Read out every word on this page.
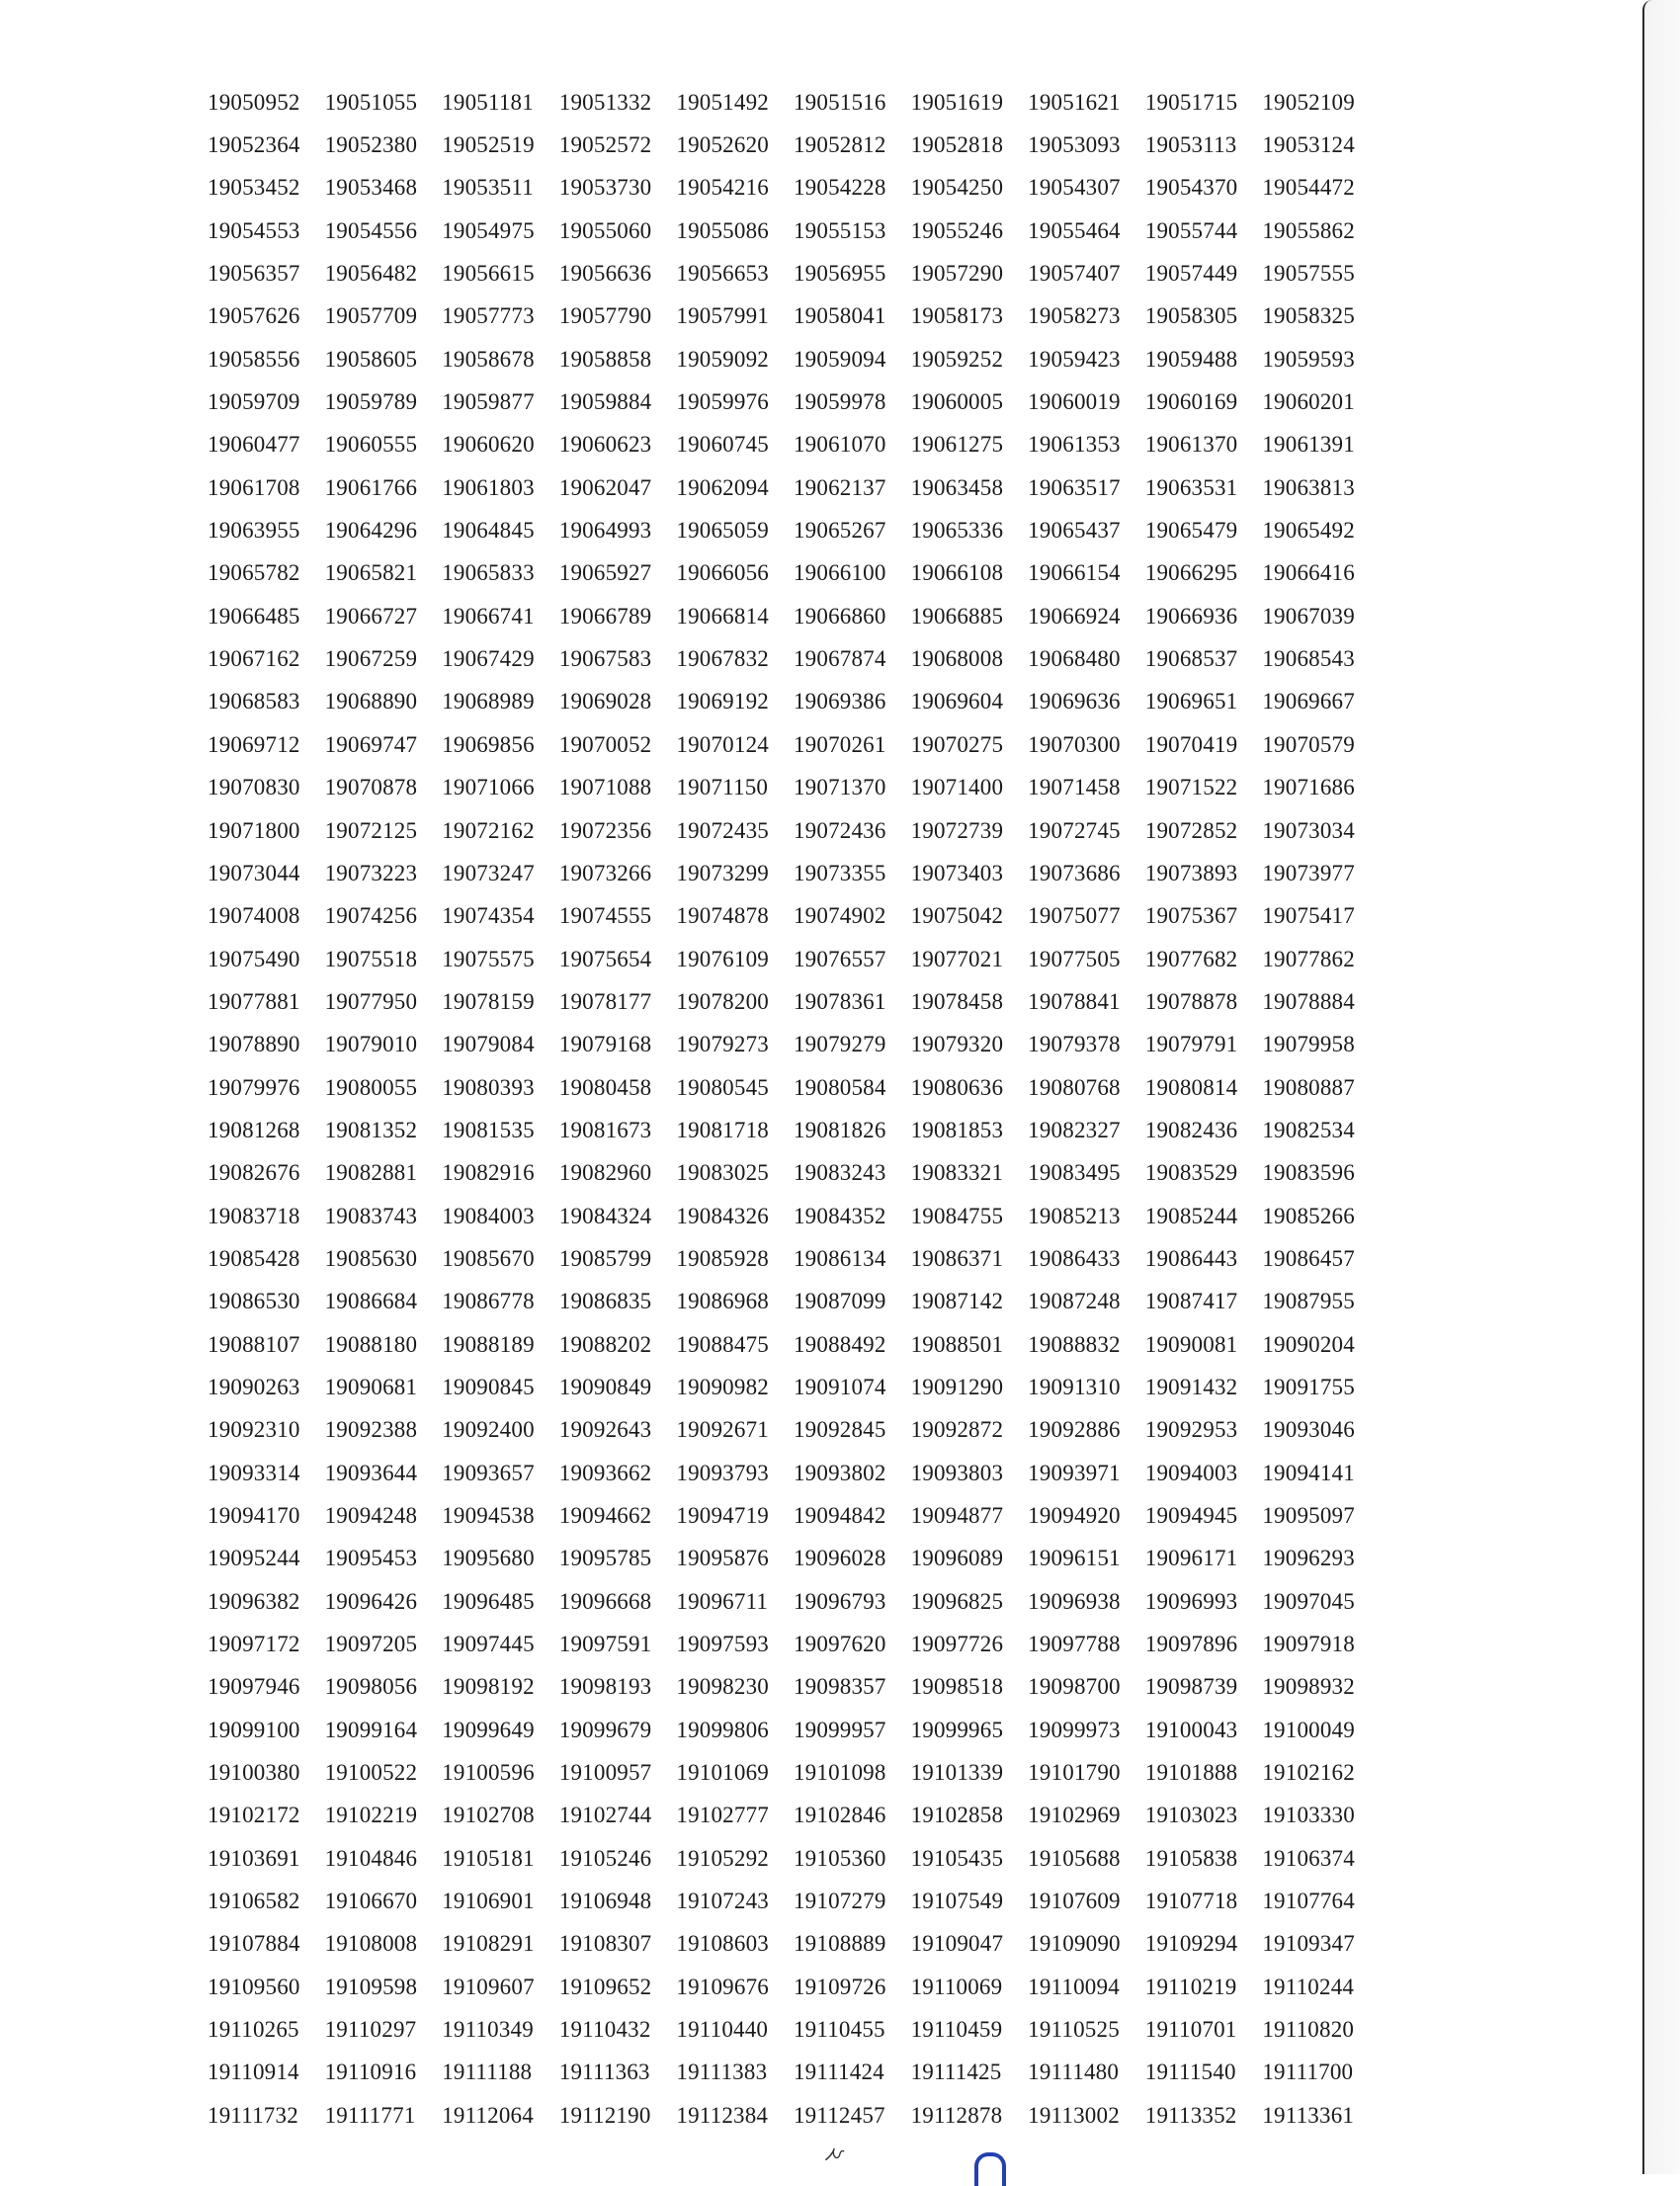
19050952	19051055	19051181	19051332	19051492	19051516	19051619	19051621	19051715	19052109
19052364	19052380	19052519	19052572	19052620	19052812	19052818	19053093	19053113	19053124
19053452	19053468	19053511	19053730	19054216	19054228	19054250	19054307	19054370	19054472
19054553	19054556	19054975	19055060	19055086	19055153	19055246	19055464	19055744	19055862
19056357	19056482	19056615	19056636	19056653	19056955	19057290	19057407	19057449	19057555
19057626	19057709	19057773	19057790	19057991	19058041	19058173	19058273	19058305	19058325
19058556	19058605	19058678	19058858	19059092	19059094	19059252	19059423	19059488	19059593
19059709	19059789	19059877	19059884	19059976	19059978	19060005	19060019	19060169	19060201
19060477	19060555	19060620	19060623	19060745	19061070	19061275	19061353	19061370	19061391
19061708	19061766	19061803	19062047	19062094	19062137	19063458	19063517	19063531	19063813
19063955	19064296	19064845	19064993	19065059	19065267	19065336	19065437	19065479	19065492
19065782	19065821	19065833	19065927	19066056	19066100	19066108	19066154	19066295	19066416
19066485	19066727	19066741	19066789	19066814	19066860	19066885	19066924	19066936	19067039
19067162	19067259	19067429	19067583	19067832	19067874	19068008	19068480	19068537	19068543
19068583	19068890	19068989	19069028	19069192	19069386	19069604	19069636	19069651	19069667
19069712	19069747	19069856	19070052	19070124	19070261	19070275	19070300	19070419	19070579
19070830	19070878	19071066	19071088	19071150	19071370	19071400	19071458	19071522	19071686
19071800	19072125	19072162	19072356	19072435	19072436	19072739	19072745	19072852	19073034
19073044	19073223	19073247	19073266	19073299	19073355	19073403	19073686	19073893	19073977
19074008	19074256	19074354	19074555	19074878	19074902	19075042	19075077	19075367	19075417
19075490	19075518	19075575	19075654	19076109	19076557	19077021	19077505	19077682	19077862
19077881	19077950	19078159	19078177	19078200	19078361	19078458	19078841	19078878	19078884
19078890	19079010	19079084	19079168	19079273	19079279	19079320	19079378	19079791	19079958
19079976	19080055	19080393	19080458	19080545	19080584	19080636	19080768	19080814	19080887
19081268	19081352	19081535	19081673	19081718	19081826	19081853	19082327	19082436	19082534
19082676	19082881	19082916	19082960	19083025	19083243	19083321	19083495	19083529	19083596
19083718	19083743	19084003	19084324	19084326	19084352	19084755	19085213	19085244	19085266
19085428	19085630	19085670	19085799	19085928	19086134	19086371	19086433	19086443	19086457
19086530	19086684	19086778	19086835	19086968	19087099	19087142	19087248	19087417	19087955
19088107	19088180	19088189	19088202	19088475	19088492	19088501	19088832	19090081	19090204
19090263	19090681	19090845	19090849	19090982	19091074	19091290	19091310	19091432	19091755
19092310	19092388	19092400	19092643	19092671	19092845	19092872	19092886	19092953	19093046
19093314	19093644	19093657	19093662	19093793	19093802	19093803	19093971	19094003	19094141
19094170	19094248	19094538	19094662	19094719	19094842	19094877	19094920	19094945	19095097
19095244	19095453	19095680	19095785	19095876	19096028	19096089	19096151	19096171	19096293
19096382	19096426	19096485	19096668	19096711	19096793	19096825	19096938	19096993	19097045
19097172	19097205	19097445	19097591	19097593	19097620	19097726	19097788	19097896	19097918
19097946	19098056	19098192	19098193	19098230	19098357	19098518	19098700	19098739	19098932
19099100	19099164	19099649	19099679	19099806	19099957	19099965	19099973	19100043	19100049
19100380	19100522	19100596	19100957	19101069	19101098	19101339	19101790	19101888	19102162
19102172	19102219	19102708	19102744	19102777	19102846	19102858	19102969	19103023	19103330
19103691	19104846	19105181	19105246	19105292	19105360	19105435	19105688	19105838	19106374
19106582	19106670	19106901	19106948	19107243	19107279	19107549	19107609	19107718	19107764
19107884	19108008	19108291	19108307	19108603	19108889	19109047	19109090	19109294	19109347
19109560	19109598	19109607	19109652	19109676	19109726	19110069	19110094	19110219	19110244
19110265	19110297	19110349	19110432	19110440	19110455	19110459	19110525	19110701	19110820
19110914	19110916	19111188	19111363	19111383	19111424	19111425	19111480	19111540	19111700
19111732	19111771	19112064	19112190	19112384	19112457	19112878	19113002	19113352	19113361
২
